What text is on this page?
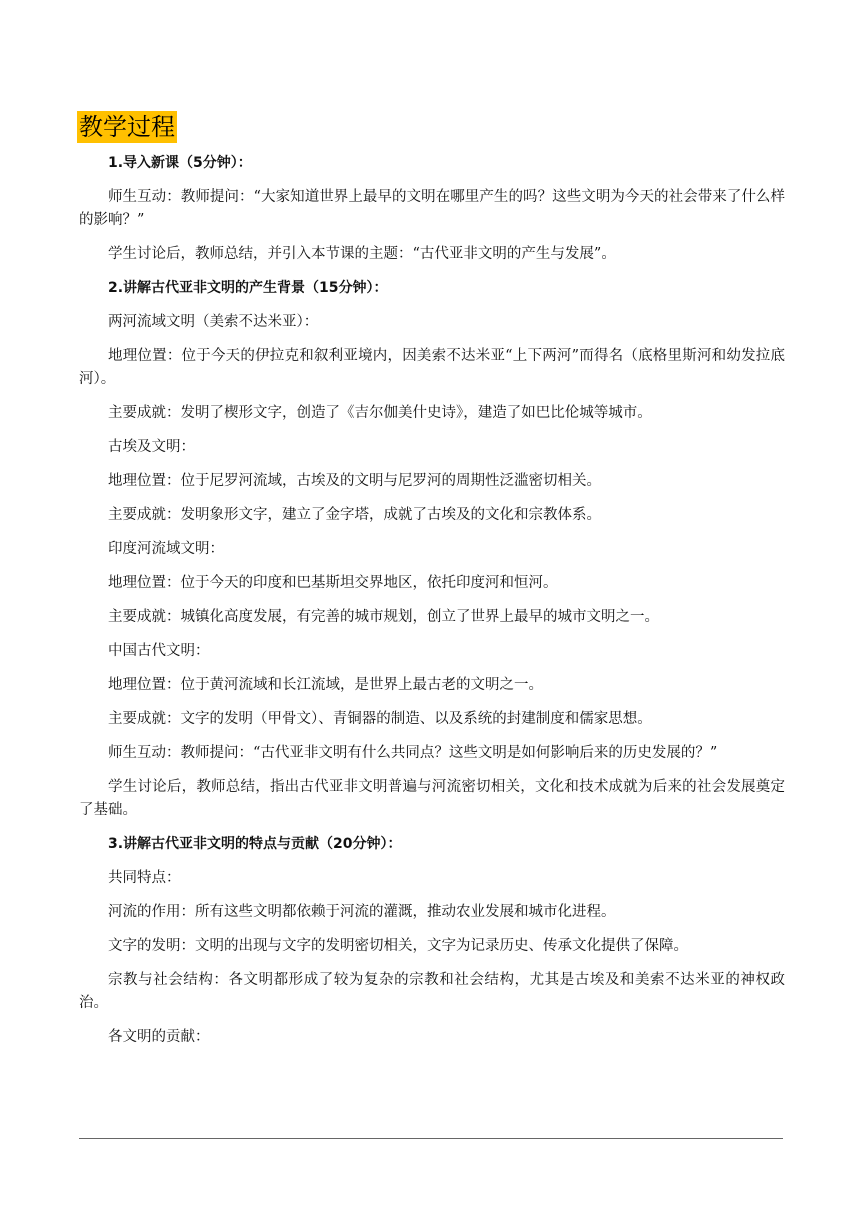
教学过程

1.导入新课（5分钟）：

师生互动：教师提问：“大家知道世界上最早的文明在哪里产生的吗？这些文明为今天的社会带来了什么样的影响？”

学生讨论后，教师总结，并引入本节课的主题：“古代亚非文明的产生与发展”。

2.讲解古代亚非文明的产生背景（15分钟）：

两河流域文明（美索不达米亚）：

地理位置：位于今天的伊拉克和叙利亚境内，因美索不达米亚“上下两河”而得名（底格里斯河和幼发拉底河）。

主要成就：发明了楔形文字，创造了《吉尔伽美什史诗》，建造了如巴比伦城等城市。

古埃及文明：

地理位置：位于尼罗河流域，古埃及的文明与尼罗河的周期性泛滥密切相关。

主要成就：发明象形文字，建立了金字塔，成就了古埃及的文化和宗教体系。

印度河流域文明：

地理位置：位于今天的印度和巴基斯坦交界地区，依托印度河和恒河。

主要成就：城镇化高度发展，有完善的城市规划，创立了世界上最早的城市文明之一。

中国古代文明：

地理位置：位于黄河流域和长江流域，是世界上最古老的文明之一。

主要成就：文字的发明（甲骨文）、青铜器的制造、以及系统的封建制度和儒家思想。

师生互动：教师提问：“古代亚非文明有什么共同点？这些文明是如何影响后来的历史发展的？”

学生讨论后，教师总结，指出古代亚非文明普遍与河流密切相关，文化和技术成就为后来的社会发展奠定了基础。

3.讲解古代亚非文明的特点与贡献（20分钟）：

共同特点：

河流的作用：所有这些文明都依赖于河流的灌溉，推动农业发展和城市化进程。

文字的发明：文明的出现与文字的发明密切相关，文字为记录历史、传承文化提供了保障。

宗教与社会结构：各文明都形成了较为复杂的宗教和社会结构，尤其是古埃及和美索不达米亚的神权政治。

各文明的贡献：
